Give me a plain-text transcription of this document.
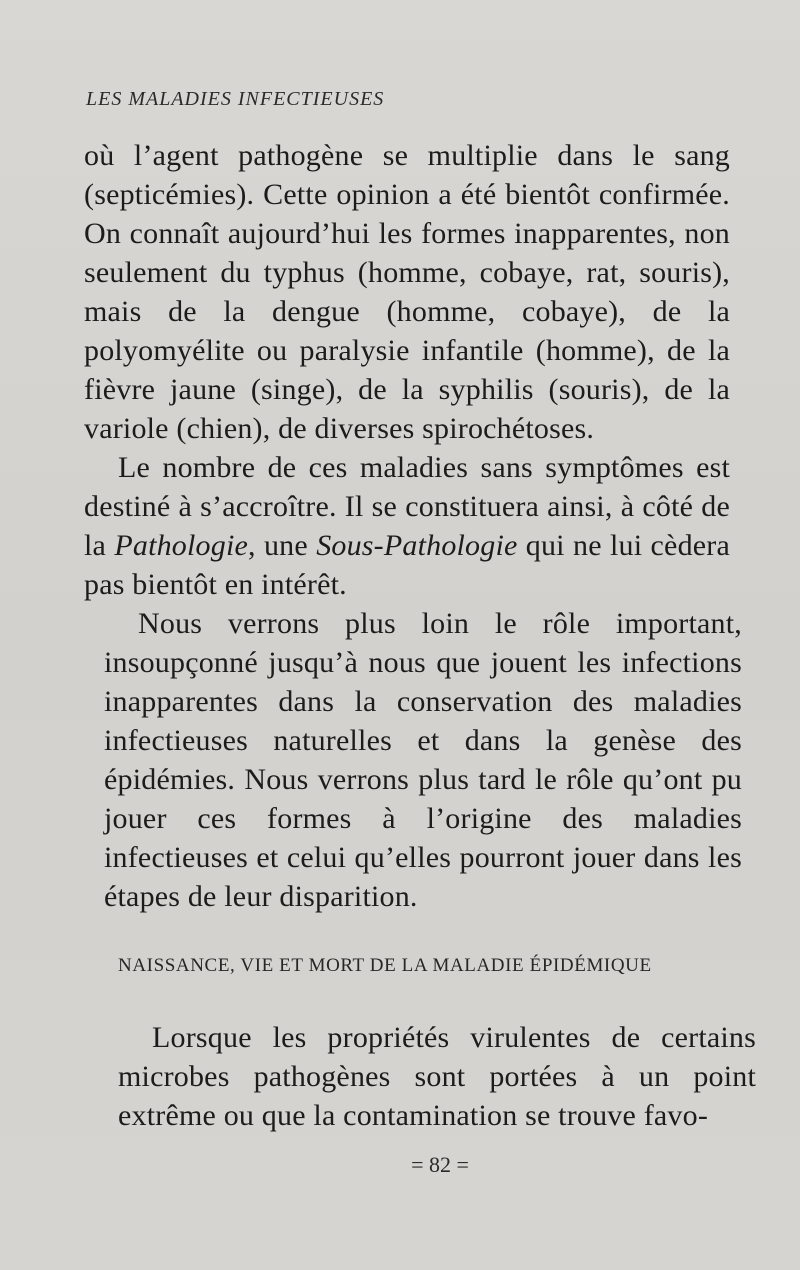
LES MALADIES INFECTIEUSES

où l’agent pathogène se multiplie dans le sang (septicémies). Cette opinion a été bientôt confirmée. On connaît aujourd’hui les formes inapparentes, non seulement du typhus (homme, cobaye, rat, souris), mais de la dengue (homme, cobaye), de la polyomyélite ou paralysie infantile (homme), de la fièvre jaune (singe), de la syphilis (souris), de la variole (chien), de diverses spirochétoses.

Le nombre de ces maladies sans symptômes est destiné à s’accroître. Il se constituera ainsi, à côté de la Pathologie, une Sous-Pathologie qui ne lui cèdera pas bientôt en intérêt.

Nous verrons plus loin le rôle important, insoupçonné jusqu’à nous que jouent les infections inapparentes dans la conservation des maladies infectieuses naturelles et dans la genèse des épidémies. Nous verrons plus tard le rôle qu’ont pu jouer ces formes à l’origine des maladies infectieuses et celui qu’elles pourront jouer dans les étapes de leur disparition.

NAISSANCE, VIE ET MORT DE LA MALADIE ÉPIDÉMIQUE

Lorsque les propriétés virulentes de certains microbes pathogènes sont portées à un point extrême ou que la contamination se trouve favo-

= 82 =
